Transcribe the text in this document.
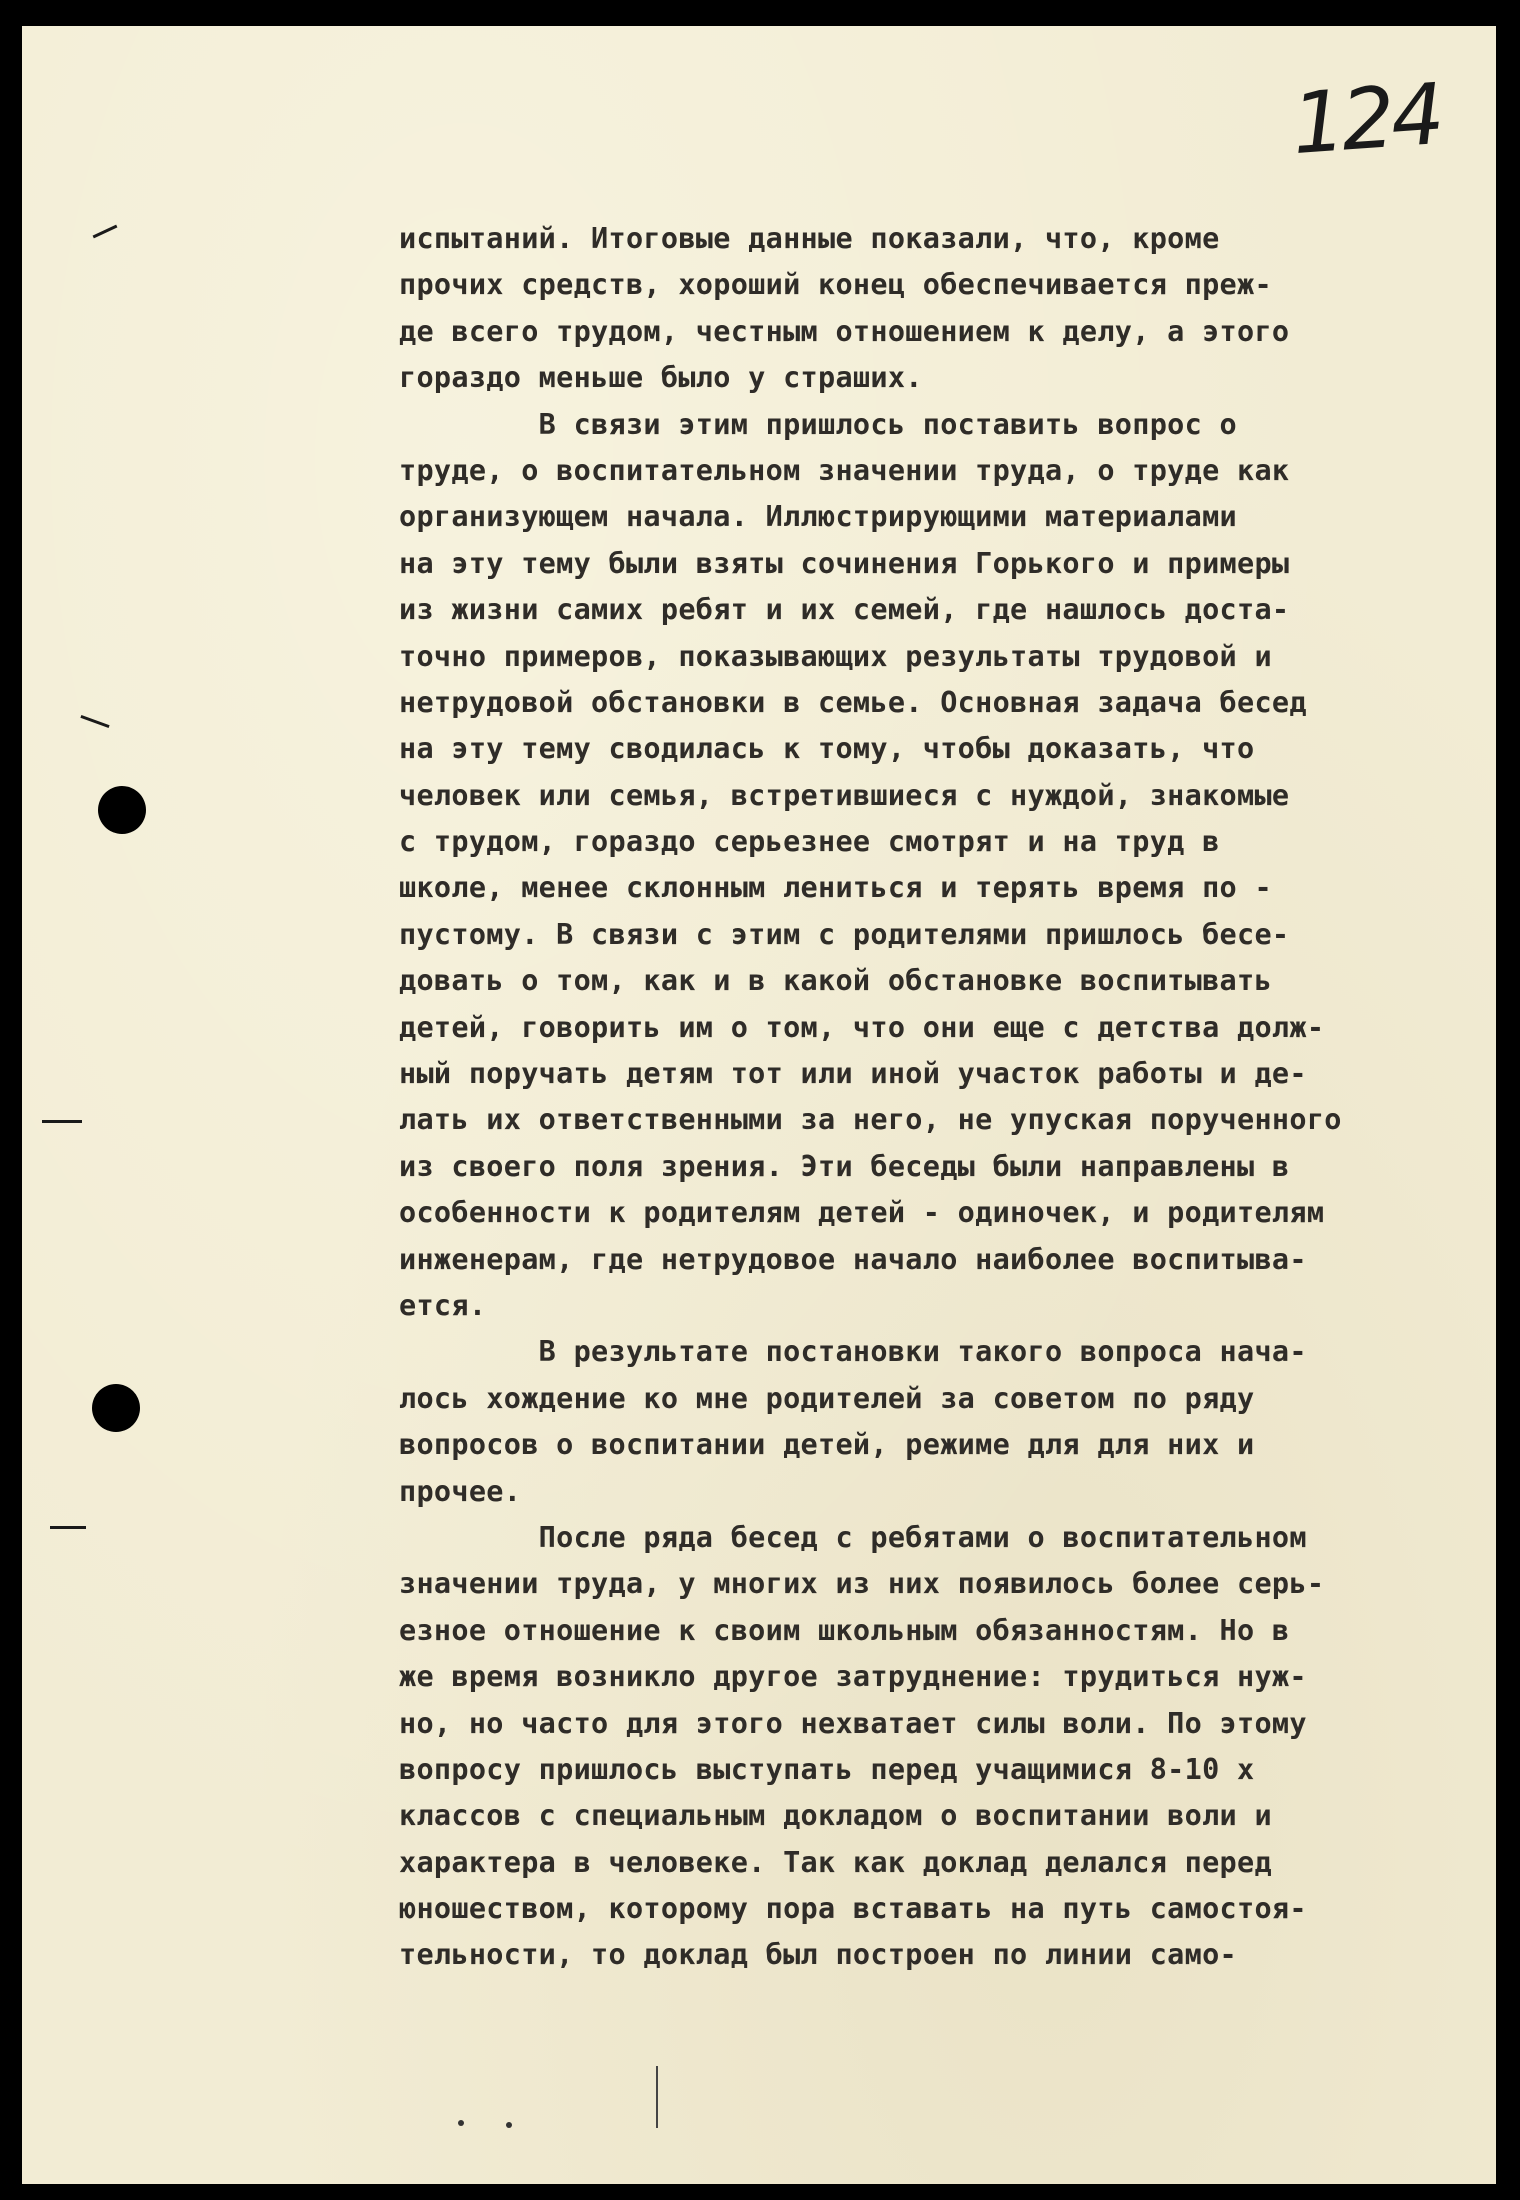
124
испытаний. Итоговые данные показали, что, кроме
прочих средств, хороший конец обеспечивается преж-
де всего трудом, честным отношением к делу, а этого
гораздо меньше было у страших.
В связи этим пришлось поставить вопрос о
труде, о воспитательном значении труда, о труде как
организующем начала. Иллюстрирующими материалами
на эту тему были взяты сочинения Горького и примеры
из жизни самих ребят и их семей, где нашлось доста-
точно примеров, показывающих результаты трудовой и
нетрудовой обстановки в семье. Основная задача бесед
на эту тему сводилась к тому, чтобы доказать, что
человек или семья, встретившиеся с нуждой, знакомые
с трудом, гораздо серьезнее смотрят и на труд в
школе, менее склонным лениться и терять время по -
пустому. В связи с этим с родителями пришлось бесе-
довать о том, как и в какой обстановке воспитывать
детей, говорить им о том, что они еще с детства долж-
ный поручать детям тот или иной участок работы и де-
лать их ответственными за него, не упуская порученного
из своего поля зрения. Эти беседы были направлены в
особенности к родителям детей - одиночек, и родителям
инженерам, где нетрудовое начало наиболее воспитыва-
ется.
В результате постановки такого вопроса нача-
лось хождение ко мне родителей за советом по ряду
вопросов о воспитании детей, режиме для для них и
прочее.
После ряда бесед с ребятами о воспитательном
значении труда, у многих из них появилось более серь-
езное отношение к своим школьным обязанностям. Но в
же время возникло другое затруднение: трудиться нуж-
но, но часто для этого нехватает силы воли. По этому
вопросу пришлось выступать перед учащимися 8-10 х
классов с специальным докладом о воспитании воли и
характера в человеке. Так как доклад делался перед
юношеством, которому пора вставать на путь самостоя-
тельности, то доклад был построен по линии само-
